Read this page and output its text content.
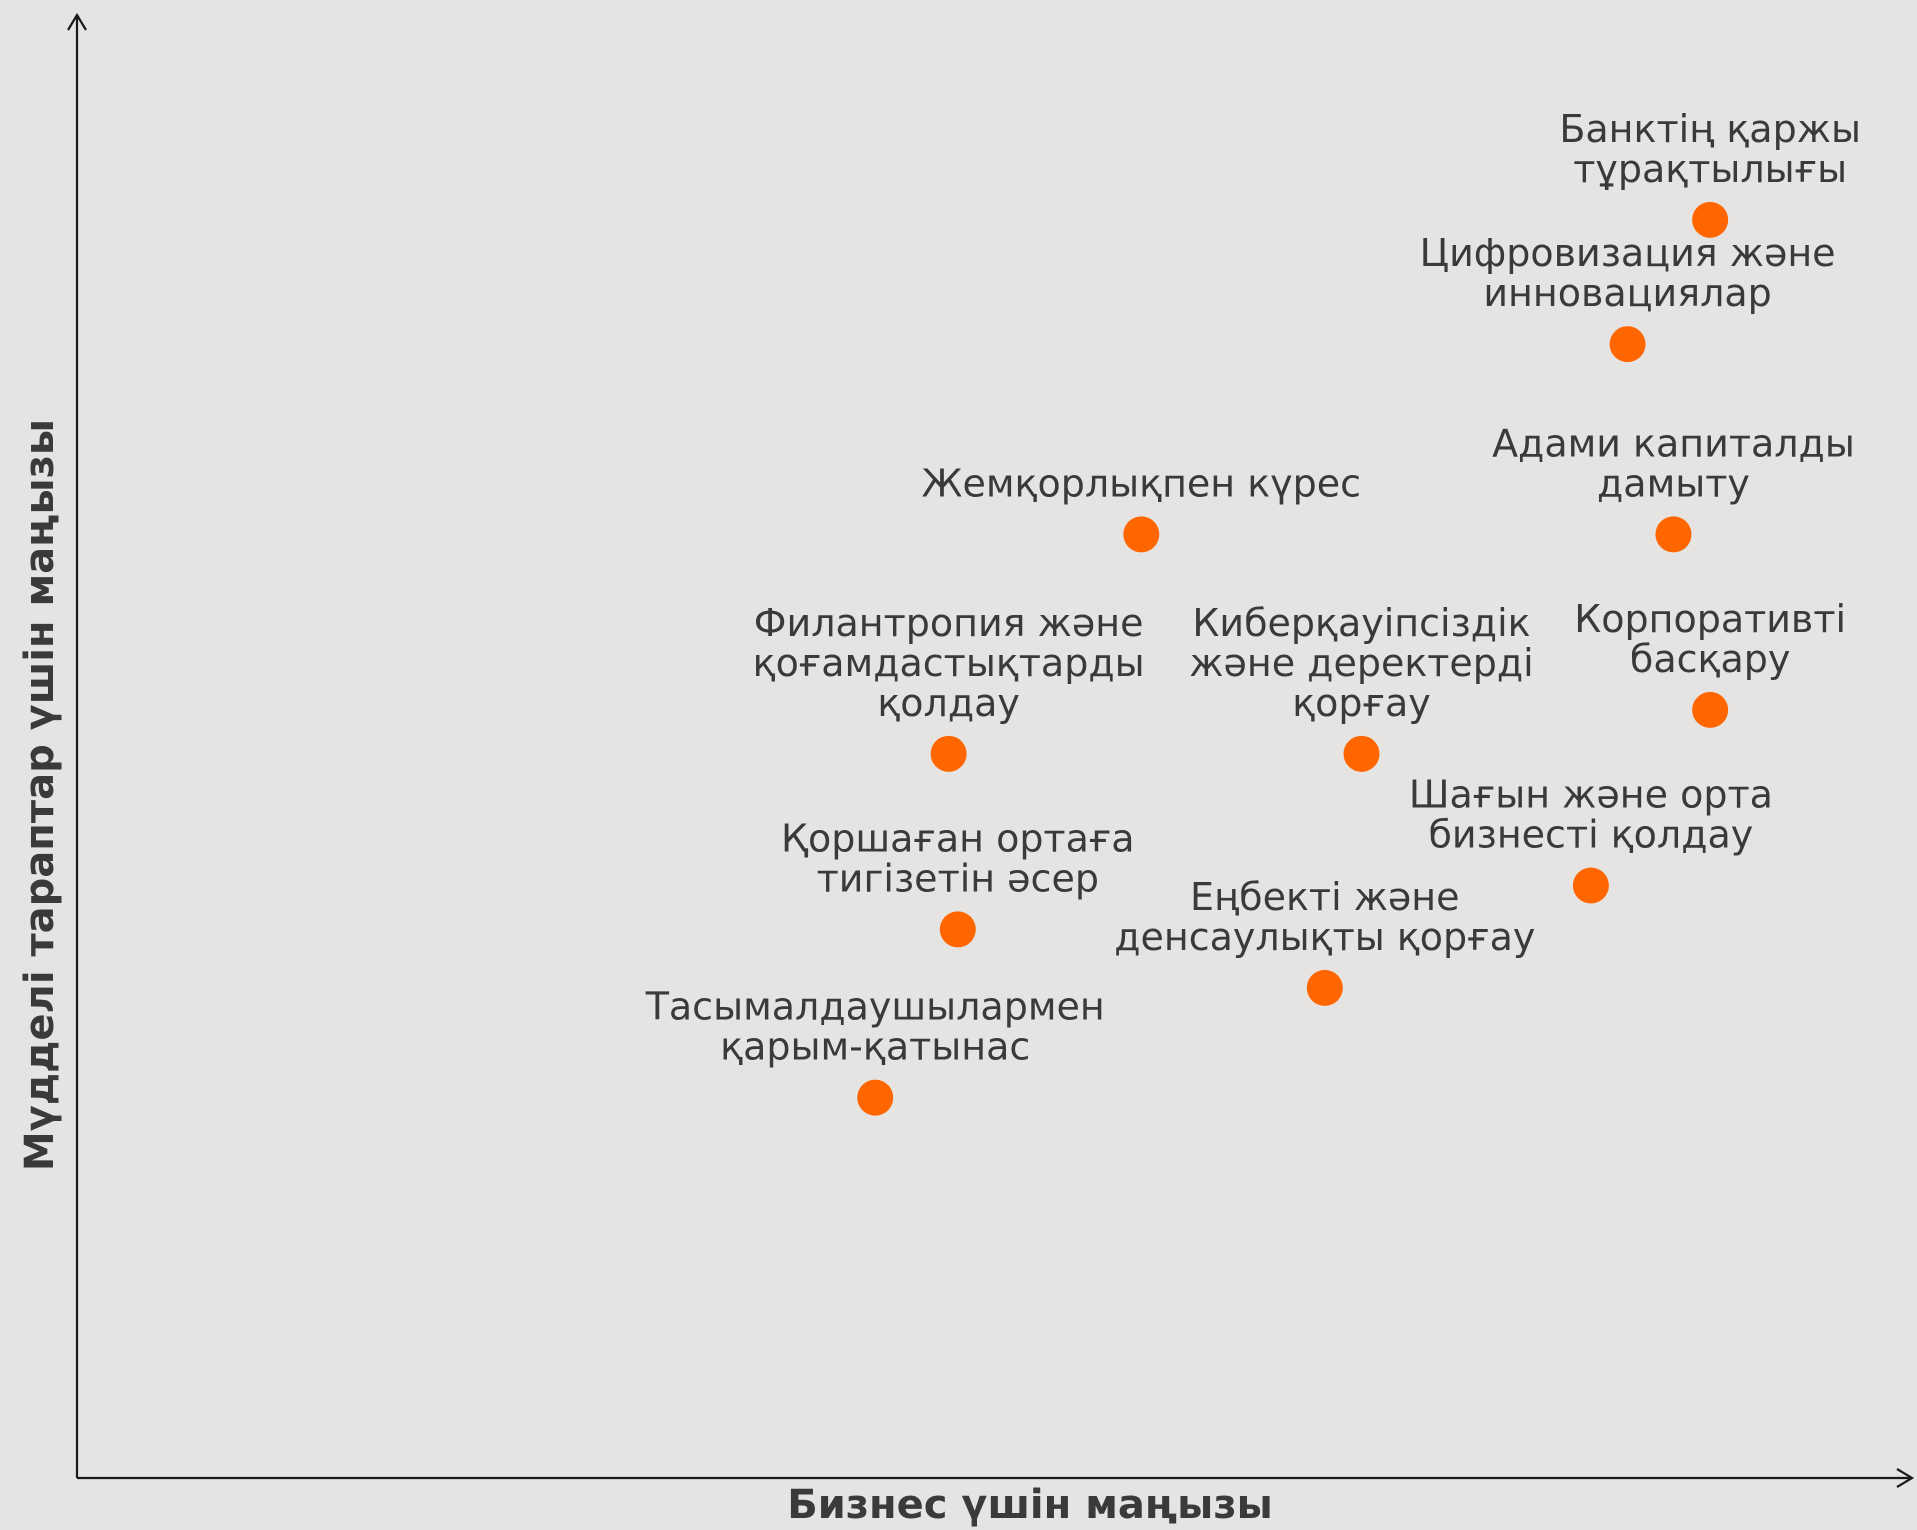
Бизнес үшін маңызы
Мүдделі тараптар үшін маңызы
Банктің қаржы тұрақтылығы
Цифровизация және инновациялар
Адами капиталды дамыту
Жемқорлықпен күрес
Корпоративті басқару
Филантропия және қоғамдастықтарды қолдау
Киберқауіпсіздік және деректерді қорғау
Шағын және орта бизнесті қолдау
Қоршаған ортаға тигізетін әсер	Еңбекті және денсаулықты қорғау
Тасымалдаушылармен қарым-қатынас
